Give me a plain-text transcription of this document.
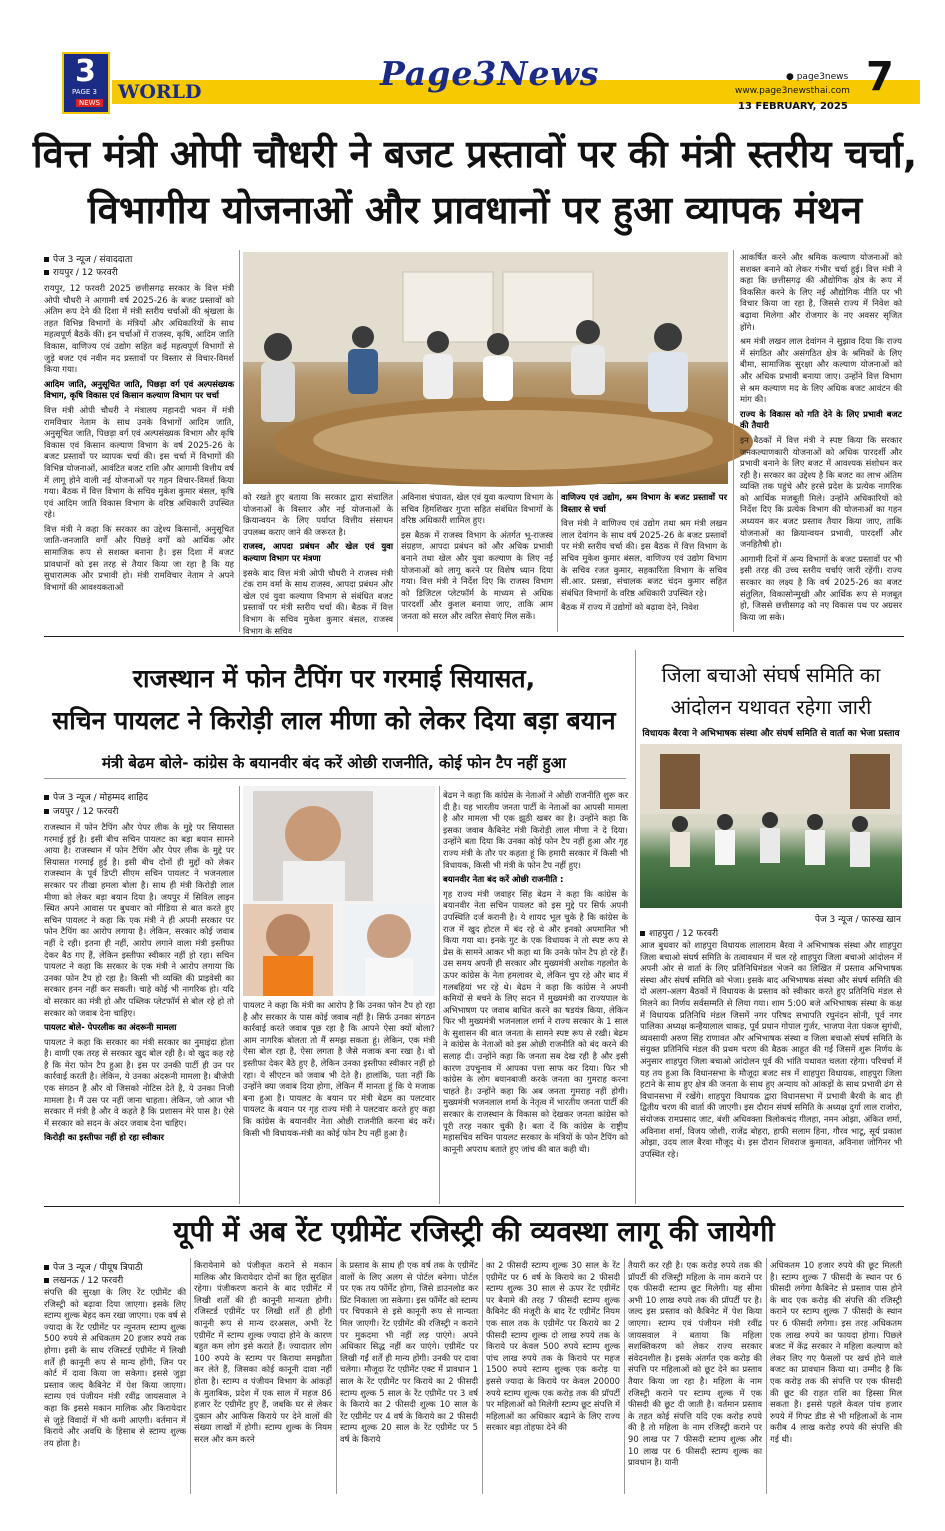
3
PAGE 3
NEWS WORLD	Page3News	● page3news
www.page3newsthai.com
13 FEBRUARY, 2025
7
वित्त मंत्री ओपी चौधरी ने बजट प्रस्तावों पर की मंत्री स्तरीय चर्चा,
विभागीय योजनाओं और प्रावधानों पर हुआ व्यापक मंथन
पेज 3 न्यूज / संवाददाता
रायपुर / 12 फरवरी

रायपुर, 12 फरवरी 2025 छत्तीसगढ़ सरकार के वित्त मंत्री ओपी चौधरी ने आगामी वर्ष 2025-26 के बजट प्रस्तावों को अंतिम रूप देने की दिशा में मंत्री स्तरीय चर्चाओं की श्रृंखला के तहत विभिन्न विभागों के मंत्रियों और अधिकारियों के साथ महत्वपूर्ण बैठकें कीं। इन चर्चाओं में राजस्व, कृषि, आदिम जाति विकास, वाणिज्य एवं उद्योग सहित कई महत्वपूर्ण विभागों से जुड़े बजट एवं नवीन मद प्रस्तावों पर विस्तार से विचार-विमर्श किया गया।

आदिम जाति, अनुसूचित जाति, पिछड़ा वर्ग एवं अल्पसंख्यक विभाग, कृषि विकास एवं किसान कल्याण विभाग पर चर्चा

वित्त मंत्री ओपी चौधरी ने मंत्रालय महानदी भवन में मंत्री रामविचार नेताम के साथ उनके विभागों आदिम जाति, अनुसूचित जाति, पिछड़ा वर्ग एवं अल्पसंख्यक विभाग और कृषि विकास एवं किसान कल्याण विभाग के वर्ष 2025-26 के बजट प्रस्तावों पर व्यापक चर्चा की। इस चर्चा में विभागों की विभिन्न योजनाओं, आवंटित बजट राशि और आगामी वित्तीय वर्ष में लागू होने वाली नई योजनाओं पर गहन विचार-विमर्श किया गया। बैठक में वित्त विभाग के सचिव मुकेश कुमार बंसल, कृषि एवं आदिम जाति विकास विभाग के वरिष्ठ अधिकारी उपस्थित रहे।

वित्त मंत्री ने कहा कि सरकार का उद्देश्य किसानों, अनुसूचित जाति-जनजाति वर्गों और पिछड़े वर्गों को आर्थिक और सामाजिक रूप से सशक्त बनाना है। इस दिशा में बजट प्रावधानों को इस तरह से तैयार किया जा रहा है कि यह सुधारात्मक और प्रभावी हो। मंत्री रामविचार नेताम ने अपने विभागों की आवश्यकताओं

को रखते हुए बताया कि सरकार द्वारा संचालित योजनाओं के विस्तार और नई योजनाओं के क्रियान्वयन के लिए पर्याप्त वित्तीय संसाधन उपलब्ध कराए जाने की जरूरत है।

राजस्व, आपदा प्रबंधन और खेल एवं युवा कल्याण विभाग पर मंत्रणा

इसके बाद वित्त मंत्री ओपी चौधरी ने राजस्व मंत्री टंक राम वर्मा के साथ राजस्व, आपदा प्रबंधन और खेल एवं युवा कल्याण विभाग से संबंधित बजट प्रस्तावों पर मंत्री स्तरीय चर्चा की। बैठक में वित्त विभाग के सचिव मुकेश कुमार बंसल, राजस्व विभाग के सचिव

अविनाश चंपावत, खेल एवं युवा कल्याण विभाग के सचिव हिमशिखर गुप्ता सहित संबंधित विभागों के वरिष्ठ अधिकारी शामिल हुए।

इस बैठक में राजस्व विभाग के अंतर्गत भू-राजस्व संग्रहण, आपदा प्रबंधन को और अधिक प्रभावी बनाने तथा खेल और युवा कल्याण के लिए नई योजनाओं को लागू करने पर विशेष ध्यान दिया गया। वित्त मंत्री ने निर्देश दिए कि राजस्व विभाग को डिजिटल प्लेटफॉर्म के माध्यम से अधिक पारदर्शी और कुशल बनाया जाए, ताकि आम जनता को सरल और त्वरित सेवाएं मिल सकें।

वाणिज्य एवं उद्योग, श्रम विभाग के बजट प्रस्तावों पर विस्तार से चर्चा

वित्त मंत्री ने वाणिज्य एवं उद्योग तथा श्रम मंत्री लखन लाल देवांगन के साथ वर्ष 2025-26 के बजट प्रस्तावों पर मंत्री स्तरीय चर्चा की। इस बैठक में वित्त विभाग के सचिव मुकेश कुमार बंसल, वाणिज्य एवं उद्योग विभाग के सचिव रजत कुमार, सहकारिता विभाग के सचिव सी.आर. प्रसन्ना, संचालक बजट चंदन कुमार सहित संबंधित विभागों के वरिष्ठ अधिकारी उपस्थित रहे।

बैठक में राज्य में उद्योगों को बढ़ावा देने, निवेश

आकर्षित करने और श्रमिक कल्याण योजनाओं को सशक्त बनाने को लेकर गंभीर चर्चा हुई। वित्त मंत्री ने कहा कि छत्तीसगढ़ की औद्योगिक क्षेत्र के रूप में विकसित करने के लिए नई औद्योगिक नीति पर भी विचार किया जा रहा है, जिससे राज्य में निवेश को बढ़ावा मिलेगा और रोजगार के नए अवसर सृजित होंगे।

श्रम मंत्री लखन लाल देवांगन ने सुझाव दिया कि राज्य में संगठित और असंगठित क्षेत्र के श्रमिकों के लिए बीमा, सामाजिक सुरक्षा और कल्याण योजनाओं को और अधिक प्रभावी बनाया जाए। उन्होंने वित्त विभाग से श्रम कल्याण मद के लिए अधिक बजट आवंटन की मांग की।

राज्य के विकास को गति देने के लिए प्रभावी बजट की तैयारी

इन बैठकों में वित्त मंत्री ने स्पष्ट किया कि सरकार जनकल्याणकारी योजनाओं को अधिक पारदर्शी और प्रभावी बनाने के लिए बजट में आवश्यक संशोधन कर रही है। सरकार का उद्देश्य है कि बजट का लाभ अंतिम व्यक्ति तक पहुंचे और हरसे प्रदेश के प्रत्येक नागरिक को आर्थिक मजबूती मिले। उन्होंने अधिकारियों को निर्देश दिए कि प्रत्येक विभाग की योजनाओं का गहन अध्ययन कर बजट प्रस्ताव तैयार किया जाए, ताकि योजनाओं का क्रियान्वयन प्रभावी, पारदर्शी और जनहितैषी हो।

आगामी दिनों में अन्य विभागों के बजट प्रस्तावों पर भी इसी तरह की उच्च स्तरीय चर्चाएं जारी रहेंगी। राज्य सरकार का लक्ष्य है कि वर्ष 2025-26 का बजट संतुलित, विकासोन्मुखी और आर्थिक रूप से मजबूत हो, जिससे छत्तीसगढ़ को नए विकास पथ पर अग्रसर किया जा सके।

राजस्थान में फोन टैपिंग पर गरमाई सियासत,
सचिन पायलट ने किरोड़ी लाल मीणा को लेकर दिया बड़ा बयान
मंत्री बेढम बोले- कांग्रेस के बयानवीर बंद करें ओछी राजनीति, कोई फोन टैप नहीं हुआ
पेज 3 न्यूज / मोहम्मद शाहिद
जयपुर / 12 फरवरी

राजस्थान में फोन टैपिंग और पेपर लीक के मुद्दे पर सियासत गरमाई हुई है। इसी बीच सचिन पायलट का बड़ा बयान सामने आया है। राजस्थान में फोन टैपिंग और पेपर लीक के मुद्दे पर सियासत गरमाई हुई है। इसी बीच दोनों ही मुद्दों को लेकर राजस्थान के पूर्व डिप्टी सीएम सचिन पायलट ने भजनलाल सरकार पर तीखा हमला बोला है। साथ ही मंत्री किरोड़ी लाल मीणा को लेकर बड़ा बयान दिया है। जयपुर में सिविल लाइन स्थित अपने आवास पर बुधवार को मीडिया से बात करते हुए सचिन पायलट ने कहा कि एक मंत्री ने ही अपनी सरकार पर फोन टैपिंग का आरोप लगाया है। लेकिन, सरकार कोई जवाब नहीं दे रही। इतना ही नहीं, आरोप लगाने वाला मंत्री इस्तीफा देकर बैठ गए हैं, लेकिन इस्तीफा स्वीकार नहीं हो रहा। सचिन पायलट ने कहा कि सरकार के एक मंत्री ने आरोप लगाया कि उनका फोन टैप हो रहा है। किसी भी व्यक्ति की प्राइवेसी का सरकार हनन नहीं कर सकती। चाहे कोई भी नागरिक हो। यदि वो सरकार का मंत्री हो और पब्लिक प्लेटफॉर्म से बोल रहे हो तो सरकार को जवाब देना चाहिए।

पायलट बोले- पेपरलीक का अंदरूनी मामला

पायलट ने कहा कि सरकार का मंत्री सरकार का नुमाइंदा होता है। वाणी एक तरह से सरकार खुद बोल रही है। वो खुद कह रहे है कि मेरा फोन टैप हुआ है। इस पर उनकी पार्टी ही उन पर कार्रवाई करती है। लेकिन, ये उनका अंदरूनी मामला है। बीजेपी एक संगठन है और वो जिसको नोटिस देते है, ये उनका निजी मामला है। मैं उस पर नहीं जाना चाहता। लेकिन, जो आज भी सरकार में मंत्री है और वे कहते है कि प्रशासन मेरे पास है। ऐसे में सरकार को सदन के अंदर जवाब देना चाहिए।

किरोड़ी का इस्तीफा नहीं हो रहा स्वीकार

पायलट ने कहा कि मंत्री का आरोप है कि उनका फोन टैप हो रहा है और सरकार के पास कोई जवाब नहीं है। सिर्फ उनका संगठन कार्रवाई करते जवाब पूछ रहा है कि आपने ऐसा क्यों बोला? आम नागरिक बोलता तो मैं समझ सकता हूं। लेकिन, एक मंत्री ऐसा बोल रहा है, ऐसा लगता है जैसे मजाक बना रखा है। वो इस्तीफा देकर बैठे हुए है, लेकिन उनका इस्तीफा स्वीकार नहीं हो रहा। ये सीएटन को जवाब भी देते है। हालांकि, पता नहीं कि उन्होंने क्या जवाब दिया होगा, लेकिन मैं मानता हूं कि ये मजाक बना हुआ है। पायलट के बयान पर मंत्री बेढम का पलटवार पायलट के बयान पर गृह राज्य मंत्री ने पलटवार करते हुए कहा कि कांग्रेस के बयानवीर नेता ओछी राजनीति करना बंद करें। किसी भी विधायक-मंत्री का कोई फोन टैप नहीं हुआ है।

बेढम ने कहा कि कांग्रेस के नेताओं ने ओछी राजनीति शुरू कर दी है। यह भारतीय जनता पार्टी के नेताओं का आपसी मामला है और मामला भी एक झूठी खबर का है। उन्होंने कहा कि इसका जवाब कैबिनेट मंत्री किरोड़ी लाल मीणा ने दे दिया। उन्होंने बता दिया कि उनका कोई फोन टैप नहीं हुआ और गृह राज्य मंत्री के तौर पर कहता हूं कि हमारी सरकार में किसी भी विधायक, किसी भी मंत्री के फोन टैप नहीं हुए।

बयानवीर नेता बंद करें ओछी राजनीति :

गृह राज्य मंत्री जवाहर सिंह बेढम ने कहा कि कांग्रेस के बयानवीर नेता सचिन पायलट को इस मुद्दे पर सिर्फ अपनी उपस्थिति दर्ज करानी है। ये शायद भूल चुके है कि कांग्रेस के राज में खुद होटल में बंद रहे थे और इनको अपमानित भी किया गया था। इनके गुट के एक विधायक ने तो स्पष्ट रूप से प्रेस के सामने आकर भी कहा था कि उनके फोन टैप हो रहे हैं। उस समय अपनी ही सरकार और मुख्यमंत्री अशोक गहलोत के ऊपर कांग्रेस के नेता हमलावर थे, लेकिन चुप रहे और बाद में गलबहियां भर रहे थे। बेढम ने कहा कि कांग्रेस ने अपनी कमियों से बचने के लिए सदन में मुख्यमंत्री का राज्यपाल के अभिभाषण पर जवाब बाधित करने का षडयंत्र किया, लेकिन फिर भी मुख्यमंत्री भजनलाल शर्मा ने राज्य सरकार के 1 साल के सुशासन की बात जनता के सामने स्पष्ट रूप से रखी। बेढम ने कांग्रेस के नेताओं को इस ओछी राजनीति को बंद करने की सलाह दी। उन्होंने कहा कि जनता सब देख रही है और इसी कारण उपचुनाव में आपका पत्ता साफ कर दिया। फिर भी कांग्रेस के लोग बयानबाजी करके जनता का गुमराह करना चाहते है। उन्होंने कहा कि अब जनता गुमराह नहीं होगी। मुख्यमंत्री भजनलाल शर्मा के नेतृत्व में भारतीय जनता पार्टी की सरकार के राजस्थान के विकास को देखकर जनता कांग्रेस को पूरी तरह नकार चुकी है। बता दें कि कांग्रेस के राष्ट्रीय महासचिव सचिन पायलट सरकार के मंत्रियों के फोन टैपिंग को कानूनी अपराध बताते हुए जांच की बात कही थी।

जिला बचाओ संघर्ष समिति का
आंदोलन यथावत रहेगा जारी
विधायक बैरवा ने अभिभाषक संस्था और संघर्ष समिति से वार्ता का भेजा प्रस्ताव
पेज 3 न्यूज / फारुख खान
शाहपुरा / 12 फरवरी

आज बुधवार को शाहपुरा विधायक लालाराम बैरवा ने अभिभाषक संस्था और शाहपुरा जिला बचाओ संघर्ष समिति के तत्वावधान में चल रहे शाहपुरा जिला बचाओ आंदोलन में अपनी ओर से वार्ता के लिए प्रतिनिधिमंडल भेजने का लिखित में प्रस्ताव अभिभाषक संस्था और संघर्ष समिति को भेजा। इसके बाद अभिभाषक संस्था और संघर्ष समिति की दो अलग-अलग बैठकों में विधायक के प्रस्ताव को स्वीकार करते हुए प्रतिनिधि मंडल से मिलने का निर्णय सर्वसम्मति से लिया गया। शाम 5:00 बजे अभिभाषक संस्था के कक्ष में विधायक प्रतिनिधि मंडल जिसमें नगर परिषद सभापति रघुनंदन सोनी, पूर्व नगर पालिका अध्यक्ष कन्हैयालाल धाकड़, पूर्व प्रधान गोपाल गुर्जर, भाजपा नेता पंकज सुगंधी, व्यवसायी अरुण सिंह राणावत और अभिभाषक संस्था व जिला बचाओ संघर्ष समिति के संयुक्त प्रतिनिधि मंडल की प्रथम चरण की बैठक आहूत की गई जिसमें शुरू निर्णय के अनुसार शाहपुरा जिला बचाओ आंदोलन पूर्व की भांति यथावत चलता रहेगा। परिचर्चा में यह तय हुआ कि विधानसभा के मौजूदा बजट सत्र में शाहपुरा विधायक, शाहपुरा जिला हटाने के साथ हुए क्षेत्र की जनता के साथ हुए अन्याय को आंकड़ों के साथ प्रभावी ढंग से विधानसभा में रखेंगे। शाहपुरा विधायक द्वारा विधानसभा में प्रभावी बैरवी के बाद ही द्वितीय चरण की वार्ता की जाएगी। इस दौरान संघर्ष समिति के अध्यक्ष दुर्गा लाल राजोरा, संयोजक रामप्रसाद जाट, बंशी अधिवक्ता त्रिलोकचंद गीलहा, नमन ओझा, अंकित शर्मा, अविनाश शर्मा, विजय जोशी, राजेंद्र बोहरा, हाफी सलाम हिना, गौरव भाटू, सूर्य प्रकाश ओझा, उदय लाल बैरवा मौजूद थे। इस दौरान शिवराज कुमावत, अविनाश जोगिनर भी उपस्थित रहे।

यूपी में अब रेंट एग्रीमेंट रजिस्ट्री की व्यवस्था लागू की जायेगी
पेज 3 न्यूज / पीयूष त्रिपाठी
लखनऊ / 12 फरवरी

संपत्ति की सुरक्षा के लिए रेंट एग्रीमेंट की रजिस्ट्री को बढ़ावा दिया जाएगा। इसके लिए स्टाम्प शुल्क बेहद कम रखा जाएगा। एक वर्ष से ज्यादा के रेंट एग्रीमेंट पर न्यूनतम स्टाम्प शुल्क 500 रुपये से अधिकतम 20 हजार रुपये तक होगा। इसी के साथ रजिस्टर्ड एग्रीमेंट में लिखी शर्तें ही कानूनी रूप से मान्य होंगी, जिन पर कोर्ट में दावा किया जा सकेगा। इससे जुड़ा प्रस्ताव जल्द कैबिनेट में पेश किया जाएगा। स्टाम्प एवं पंजीयन मंत्री रवींद्र जायसवाल ने कहा कि इससे मकान मालिक और किरायेदार से जुड़े विवादों में भी कमी आएगी। वर्तमान में किराये और अवधि के हिसाब से स्टाम्प शुल्क तय होता है।

किरायेनामे को पंजीकृत कराने से मकान मालिक और किरायेदार दोनों का हित सुरक्षित रहेगा। पंजीकरण कराने के बाद एग्रीमेंट में लिखी शर्तों की ही कानूनी मान्यता होगी। रजिस्टर्ड एग्रीमेंट पर लिखी शर्तें ही होंगी कानूनी रूप से मान्य दरअसल, अभी रेंट एग्रीमेंट में स्टाम्प शुल्क ज्यादा होने के कारण बहुत कम लोग इसे कराते हैं। ज्यादातर लोग 100 रुपये के स्टाम्प पर किराया समझौता कर लेते हैं, जिसका कोई कानूनी दावा नहीं होता है। स्टाम्प व पंजीयन विभाग के आंकड़ों के मुताबिक, प्रदेश में एक साल में महज 86 हजार रेंट एग्रीमेंट हुए हैं, जबकि घर से लेकर दुकान और आफिस किराये पर देने वालों की संख्या लाखों में होगी। स्टाम्प शुल्क के नियम सरल और कम करने

के प्रस्ताव के साथ ही एक वर्ष तक के एग्रीमेंट वालों के लिए अलग से पोर्टल बनेगा। पोर्टल पर एक तय फॉर्मेट होगा, जिसे डाउनलोड कर प्रिंट निकाला जा सकेगा। इस फॉर्मेट को स्टाम्प पर चिपकाने से इसे कानूनी रूप से मान्यता मिल जाएगी। रेंट एग्रीमेंट की रजिस्ट्री न कराने पर मुकदमा भी नहीं लड़ पाएंगे। अपने अधिकार सिद्ध नहीं कर पाएंगे। एग्रीमेंट पर लिखी गईं शर्तें ही मान्य होंगी। उनकी पर दावा चलेगा। मौजूदा रेंट एग्रीमेंट एक्ट में प्रावधान 1 साल के रेंट एग्रीमेंट पर किराये का 2 फीसदी स्टाम्प शुल्क 5 साल के रेंट एग्रीमेंट पर 3 वर्ष के किराये का 2 फीसदी शुल्क 10 साल के रेंट एग्रीमेंट पर 4 वर्ष के किराये का 2 फीसदी स्टाम्प शुल्क 20 साल के रेंट एग्रीमेंट पर 5 वर्ष के किराये

का 2 फीसदी स्टाम्प शुल्क 30 साल के रेंट एग्रीमेंट पर 6 वर्ष के किराये का 2 फीसदी स्टाम्प शुल्क 30 साल से ऊपर रेंट एग्रीमेंट पर बैनामे की तरह 7 फीसदी स्टाम्प शुल्क कैबिनेट की मंजूरी के बाद रेंट एग्रीमेंट नियम एक साल तक के एग्रीमेंट पर किराये का 2 फीसदी स्टाम्प शुल्क दो लाख रुपये तक के किराये पर केवल 500 रुपये स्टाम्प शुल्क पांच लाख रुपये तक के किराये पर महज 1500 रुपये स्टाम्प शुल्क एक करोड़ या इससे ज्यादा के किराये पर केवल 20000 रुपये स्टाम्प शुल्क एक करोड़ तक की प्रॉपर्टी पर महिलाओं को मिलेगी स्टाम्प छूट संपत्ति में महिलाओं का अधिकार बढ़ाने के लिए राज्य सरकार बड़ा तोहफा देने की

तैयारी कर रही है। एक करोड़ रुपये तक की प्रॉपर्टी की रजिस्ट्री महिला के नाम कराने पर एक फीसदी स्टाम्प छूट मिलेगी। यह सीमा अभी 10 लाख रुपये तक की प्रॉपर्टी पर है। जल्द इस प्रस्ताव को कैबिनेट में पेश किया जाएगा। स्टाम्प एवं पंजीयन मंत्री रवींद्र जायसवाल ने बताया कि महिला सशक्तिकरण को लेकर राज्य सरकार संवेदनशील है। इसके अंतर्गत एक करोड़ की संपत्ति पर महिलाओं को छूट देने का प्रस्ताव तैयार किया जा रहा है। महिला के नाम रजिस्ट्री कराने पर स्टाम्प शुल्क में एक फीसदी की छूट दी जाती है। वर्तमान प्रस्ताव के तहत कोई संपत्ति यदि एक करोड़ रुपये की है तो महिला के नाम रजिस्ट्री कराने पर 90 लाख पर 7 फीसदी स्टाम्प शुल्क और 10 लाख पर 6 फीसदी स्टाम्प शुल्क का प्रावधान है। यानी

अधिकतम 10 हजार रुपये की छूट मिलती है। स्टाम्प शुल्क 7 फीसदी के स्थान पर 6 फीसदी लगेगा कैबिनेट से प्रस्ताव पास होने के बाद एक करोड़ की संपत्ति की रजिस्ट्री कराने पर स्टाम्प शुल्क 7 फीसदी के स्थान पर 6 फीसदी लगेगा। इस तरह अधिकतम एक लाख रुपये का फायदा होगा। पिछले बजट में केंद्र सरकार ने महिला कल्याण को लेकर लिए गए फैसलों पर खर्च होने वाले बजट का प्रावधान किया था। उम्मीद है कि एक करोड़ तक की संपत्ति पर एक फीसदी की छूट की राहत राशि का हिस्सा मिल सकता है। इससे पहले केवल पांच हजार रुपये में गिफ्ट डीड से भी महिलाओं के नाम करीब 4 लाख करोड़ रुपये की संपत्ति की गई थी।
